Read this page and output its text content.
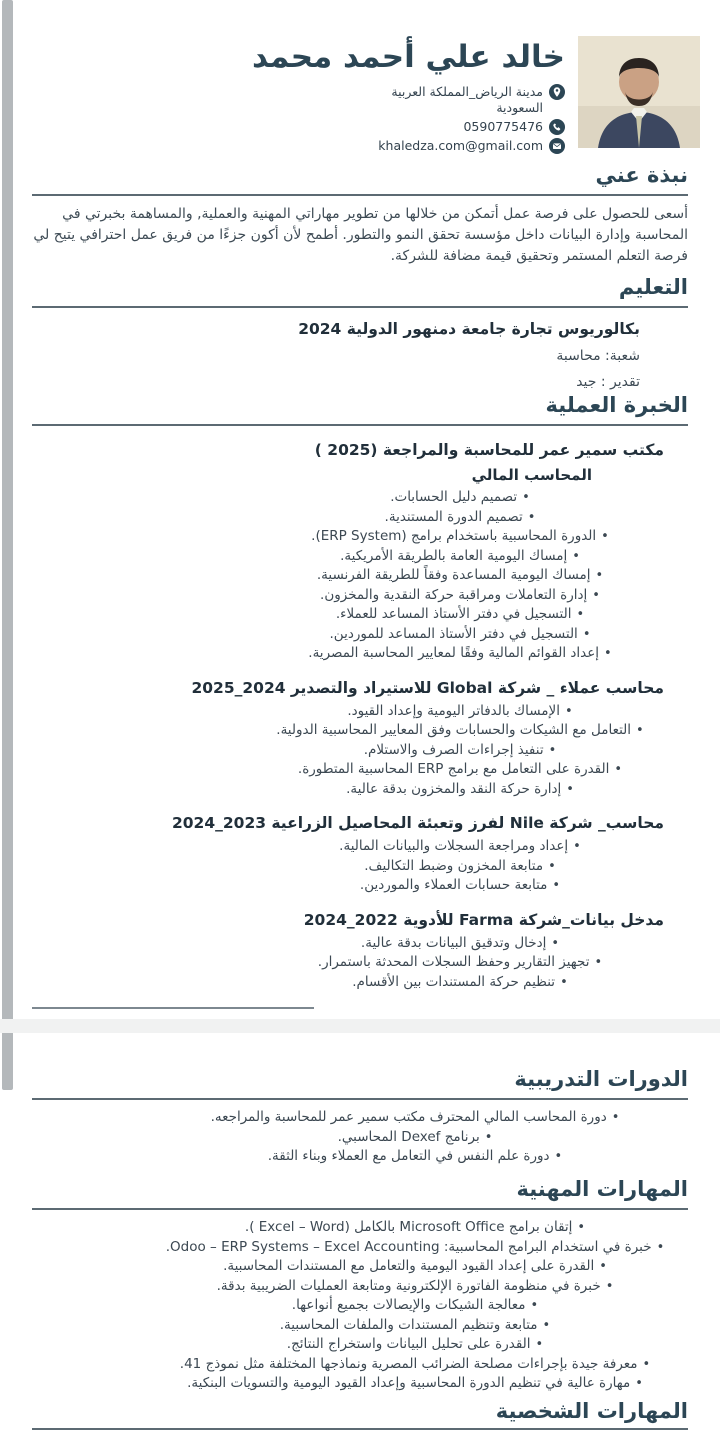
خالد علي أحمد محمد
مدينة الرياض_المملكة العربية السعودية
0590775476
khaledza.com@gmail.com
نبذة عني
أسعى للحصول على فرصة عمل أتمكن من خلالها من تطوير مهاراتي المهنية والعملية, والمساهمة بخبرتي في المحاسبة وإدارة البيانات داخل مؤسسة تحقق النمو والتطور. أطمح لأن أكون جزءًا من فريق عمل احترافي يتيح لي فرصة التعلم المستمر وتحقيق قيمة مضافة للشركة.
التعليم
بكالوريوس تجارة جامعة دمنهور الدولية 2024
شعبة: محاسبة
تقدير : جيد
الخبرة العملية
مكتب سمير عمر للمحاسبة والمراجعة (2025 )
المحاسب المالي
•تصميم دليل الحسابات.
•تصميم الدورة المستندية.
•الدورة المحاسبية باستخدام برامج (ERP System).
•إمساك اليومية العامة بالطريقة الأمريكية.
•إمساك اليومية المساعدة وفقاً للطريقة الفرنسية.
•إدارة التعاملات ومراقبة حركة النقدية والمخزون.
•التسجيل في دفتر الأستاذ المساعد للعملاء.
•التسجيل في دفتر الأستاذ المساعد للموردين.
•إعداد القوائم المالية وفقًا لمعايير المحاسبة المصرية.
محاسب عملاء _ شركة Global للاستيراد والتصدير 2024_2025
•الإمساك بالدفاتر اليومية وإعداد القيود.
•التعامل مع الشيكات والحسابات وفق المعايير المحاسبية الدولية.
•تنفيذ إجراءات الصرف والاستلام.
•القدرة على التعامل مع برامج ERP المحاسبية المتطورة.
•إدارة حركة النقد والمخزون بدقة عالية.
محاسب_ شركة Nile لفرز وتعبئة المحاصيل الزراعية 2023_2024
•إعداد ومراجعة السجلات والبيانات المالية.
•متابعة المخزون وضبط التكاليف.
•متابعة حسابات العملاء والموردين.
مدخل بيانات_شركة Farma للأدوية 2022_2024
•إدخال وتدقيق البيانات بدقة عالية.
•تجهيز التقارير وحفظ السجلات المحدثة باستمرار.
•تنظيم حركة المستندات بين الأقسام.
الدورات التدريبية
•دورة المحاسب المالي المحترف مكتب سمير عمر للمحاسبة والمراجعه.
•برنامج Dexef المحاسبي.
•دورة علم النفس في التعامل مع العملاء وبناء الثقة.
المهارات المهنية
•إتقان برامج Microsoft Office بالكامل (Excel – Word ).
•خبرة في استخدام البرامج المحاسبية: Odoo – ERP Systems – Excel Accounting.
•القدرة على إعداد القيود اليومية والتعامل مع المستندات المحاسبية.
•خبرة في منظومة الفاتورة الإلكترونية ومتابعة العمليات الضريبية بدقة.
•معالجة الشيكات والإيصالات بجميع أنواعها.
•متابعة وتنظيم المستندات والملفات المحاسبية.
•القدرة على تحليل البيانات واستخراج النتائج.
•معرفة جيدة بإجراءات مصلحة الضرائب المصرية ونماذجها المختلفة مثل نموذج 41.
•مهارة عالية في تنظيم الدورة المحاسبية وإعداد القيود اليومية والتسويات البنكية.
المهارات الشخصية
